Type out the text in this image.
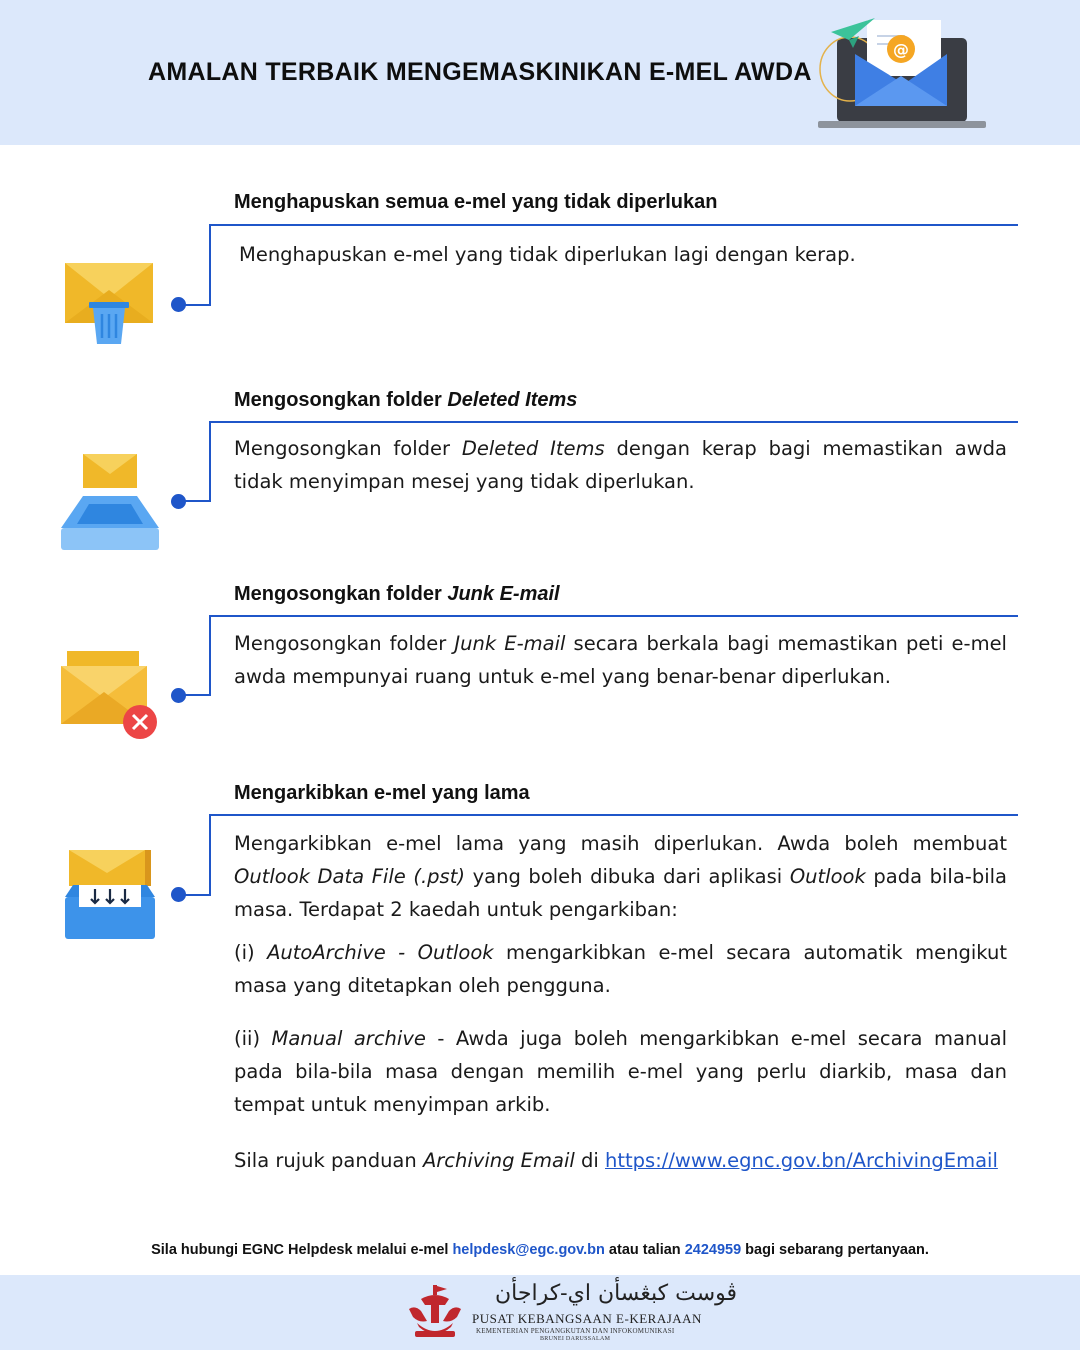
AMALAN TERBAIK MENGEMASKINIKAN E-MEL AWDA
@
Menghapuskan semua e-mel yang tidak diperlukan
Menghapuskan e-mel yang tidak diperlukan lagi dengan kerap.
Mengosongkan folder Deleted Items
Mengosongkan folder Deleted Items dengan kerap bagi memastikan awda tidak menyimpan mesej yang tidak diperlukan.
Mengosongkan folder Junk E-mail
Mengosongkan folder Junk E-mail secara berkala bagi memastikan peti e-mel awda mempunyai ruang untuk e-mel yang benar-benar diperlukan.
Mengarkibkan e-mel yang lama

Mengarkibkan e-mel lama yang masih diperlukan. Awda boleh membuat Outlook Data File (.pst) yang boleh dibuka dari aplikasi Outlook pada bila-bila masa. Terdapat 2 kaedah untuk pengarkiban:

(i) AutoArchive - Outlook mengarkibkan e-mel secara automatik mengikut masa yang ditetapkan oleh pengguna.

(ii) Manual archive - Awda juga boleh mengarkibkan e-mel secara manual pada bila-bila masa dengan memilih e-mel yang perlu diarkib, masa dan tempat untuk menyimpan arkib.

Sila rujuk panduan Archiving Email di https://www.egnc.gov.bn/ArchivingEmail

Sila hubungi EGNC Helpdesk melalui e-mel helpdesk@egc.gov.bn atau talian 2424959 bagi sebarang pertanyaan.
ڤوست كبڠسأن اي-كراجأن
PUSAT KEBANGSAAN E-KERAJAAN
KEMENTERIAN PENGANGKUTAN DAN INFOKOMUNIKASI
BRUNEI DARUSSALAM
